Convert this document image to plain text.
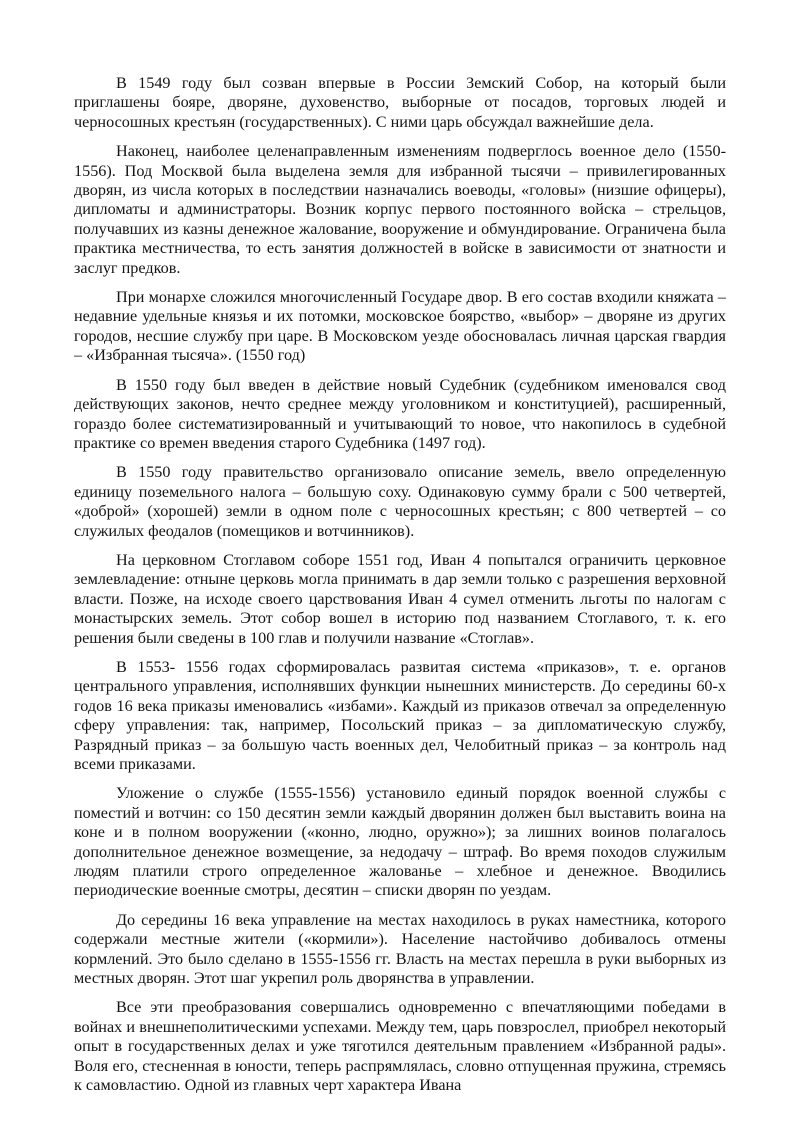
В 1549 году был созван впервые в России Земский Собор, на который были приглашены бояре, дворяне, духовенство, выборные от посадов, торговых людей и черносошных крестьян (государственных). С ними царь обсуждал важнейшие дела.

Наконец, наиболее целенаправленным изменениям подверглось военное дело (1550-1556). Под Москвой была выделена земля для избранной тысячи – привилегированных дворян, из числа которых в последствии назначались воеводы, «головы» (низшие офицеры), дипломаты и администраторы. Возник корпус первого постоянного войска – стрельцов, получавших из казны денежное жалование, вооружение и обмундирование. Ограничена была практика местничества, то есть занятия должностей в войске в зависимости от знатности и заслуг предков.

При монархе сложился многочисленный Государе двор. В его состав входили княжата – недавние удельные князья и их потомки, московское боярство, «выбор» – дворяне из других городов, несшие службу при царе. В Московском уезде обосновалась личная царская гвардия – «Избранная тысяча». (1550 год)

В 1550 году был введен в действие новый Судебник (судебником именовался свод действующих законов, нечто среднее между уголовником и конституцией), расширенный, гораздо более систематизированный и учитывающий то новое, что накопилось в судебной практике со времен введения старого Судебника (1497 год).

В 1550 году правительство организовало описание земель, ввело определенную единицу поземельного налога – большую соху. Одинаковую сумму брали с 500 четвертей, «доброй» (хорошей) земли в одном поле с черносошных крестьян; с 800 четвертей – со служилых феодалов (помещиков и вотчинников).

На церковном Стоглавом соборе 1551 год, Иван 4 попытался ограничить церковное землевладение: отныне церковь могла принимать в дар земли только с разрешения верховной власти. Позже, на исходе своего царствования Иван 4 сумел отменить льготы по налогам с монастырских земель. Этот собор вошел в историю под названием Стоглавого, т. к. его решения были сведены в 100 глав и получили название «Стоглав».

В 1553- 1556 годах сформировалась развитая система «приказов», т. е. органов центрального управления, исполнявших функции нынешних министерств. До середины 60-х годов 16 века приказы именовались «избами». Каждый из приказов отвечал за определенную сферу управления: так, например, Посольский приказ – за дипломатическую службу, Разрядный приказ – за большую часть военных дел, Челобитный приказ – за контроль над всеми приказами.

Уложение о службе (1555-1556) установило единый порядок военной службы с поместий и вотчин: со 150 десятин земли каждый дворянин должен был выставить воина на коне и в полном вооружении («конно, людно, оружно»); за лишних воинов полагалось дополнительное денежное возмещение, за недодачу – штраф. Во время походов служилым людям платили строго определенное жалованье – хлебное и денежное. Вводились периодические военные смотры, десятин – списки дворян по уездам.

До середины 16 века управление на местах находилось в руках наместника, которого содержали местные жители («кормили»). Население настойчиво добивалось отмены кормлений. Это было сделано в 1555-1556 гг. Власть на местах перешла в руки выборных из местных дворян. Этот шаг укрепил роль дворянства в управлении.

Все эти преобразования совершались одновременно с впечатляющими победами в войнах и внешнеполитическими успехами. Между тем, царь повзрослел, приобрел некоторый опыт в государственных делах и уже тяготился деятельным правлением «Избранной рады». Воля его, стесненная в юности, теперь распрямлялась, словно отпущенная пружина, стремясь к самовластию. Одной из главных черт характера Ивана
